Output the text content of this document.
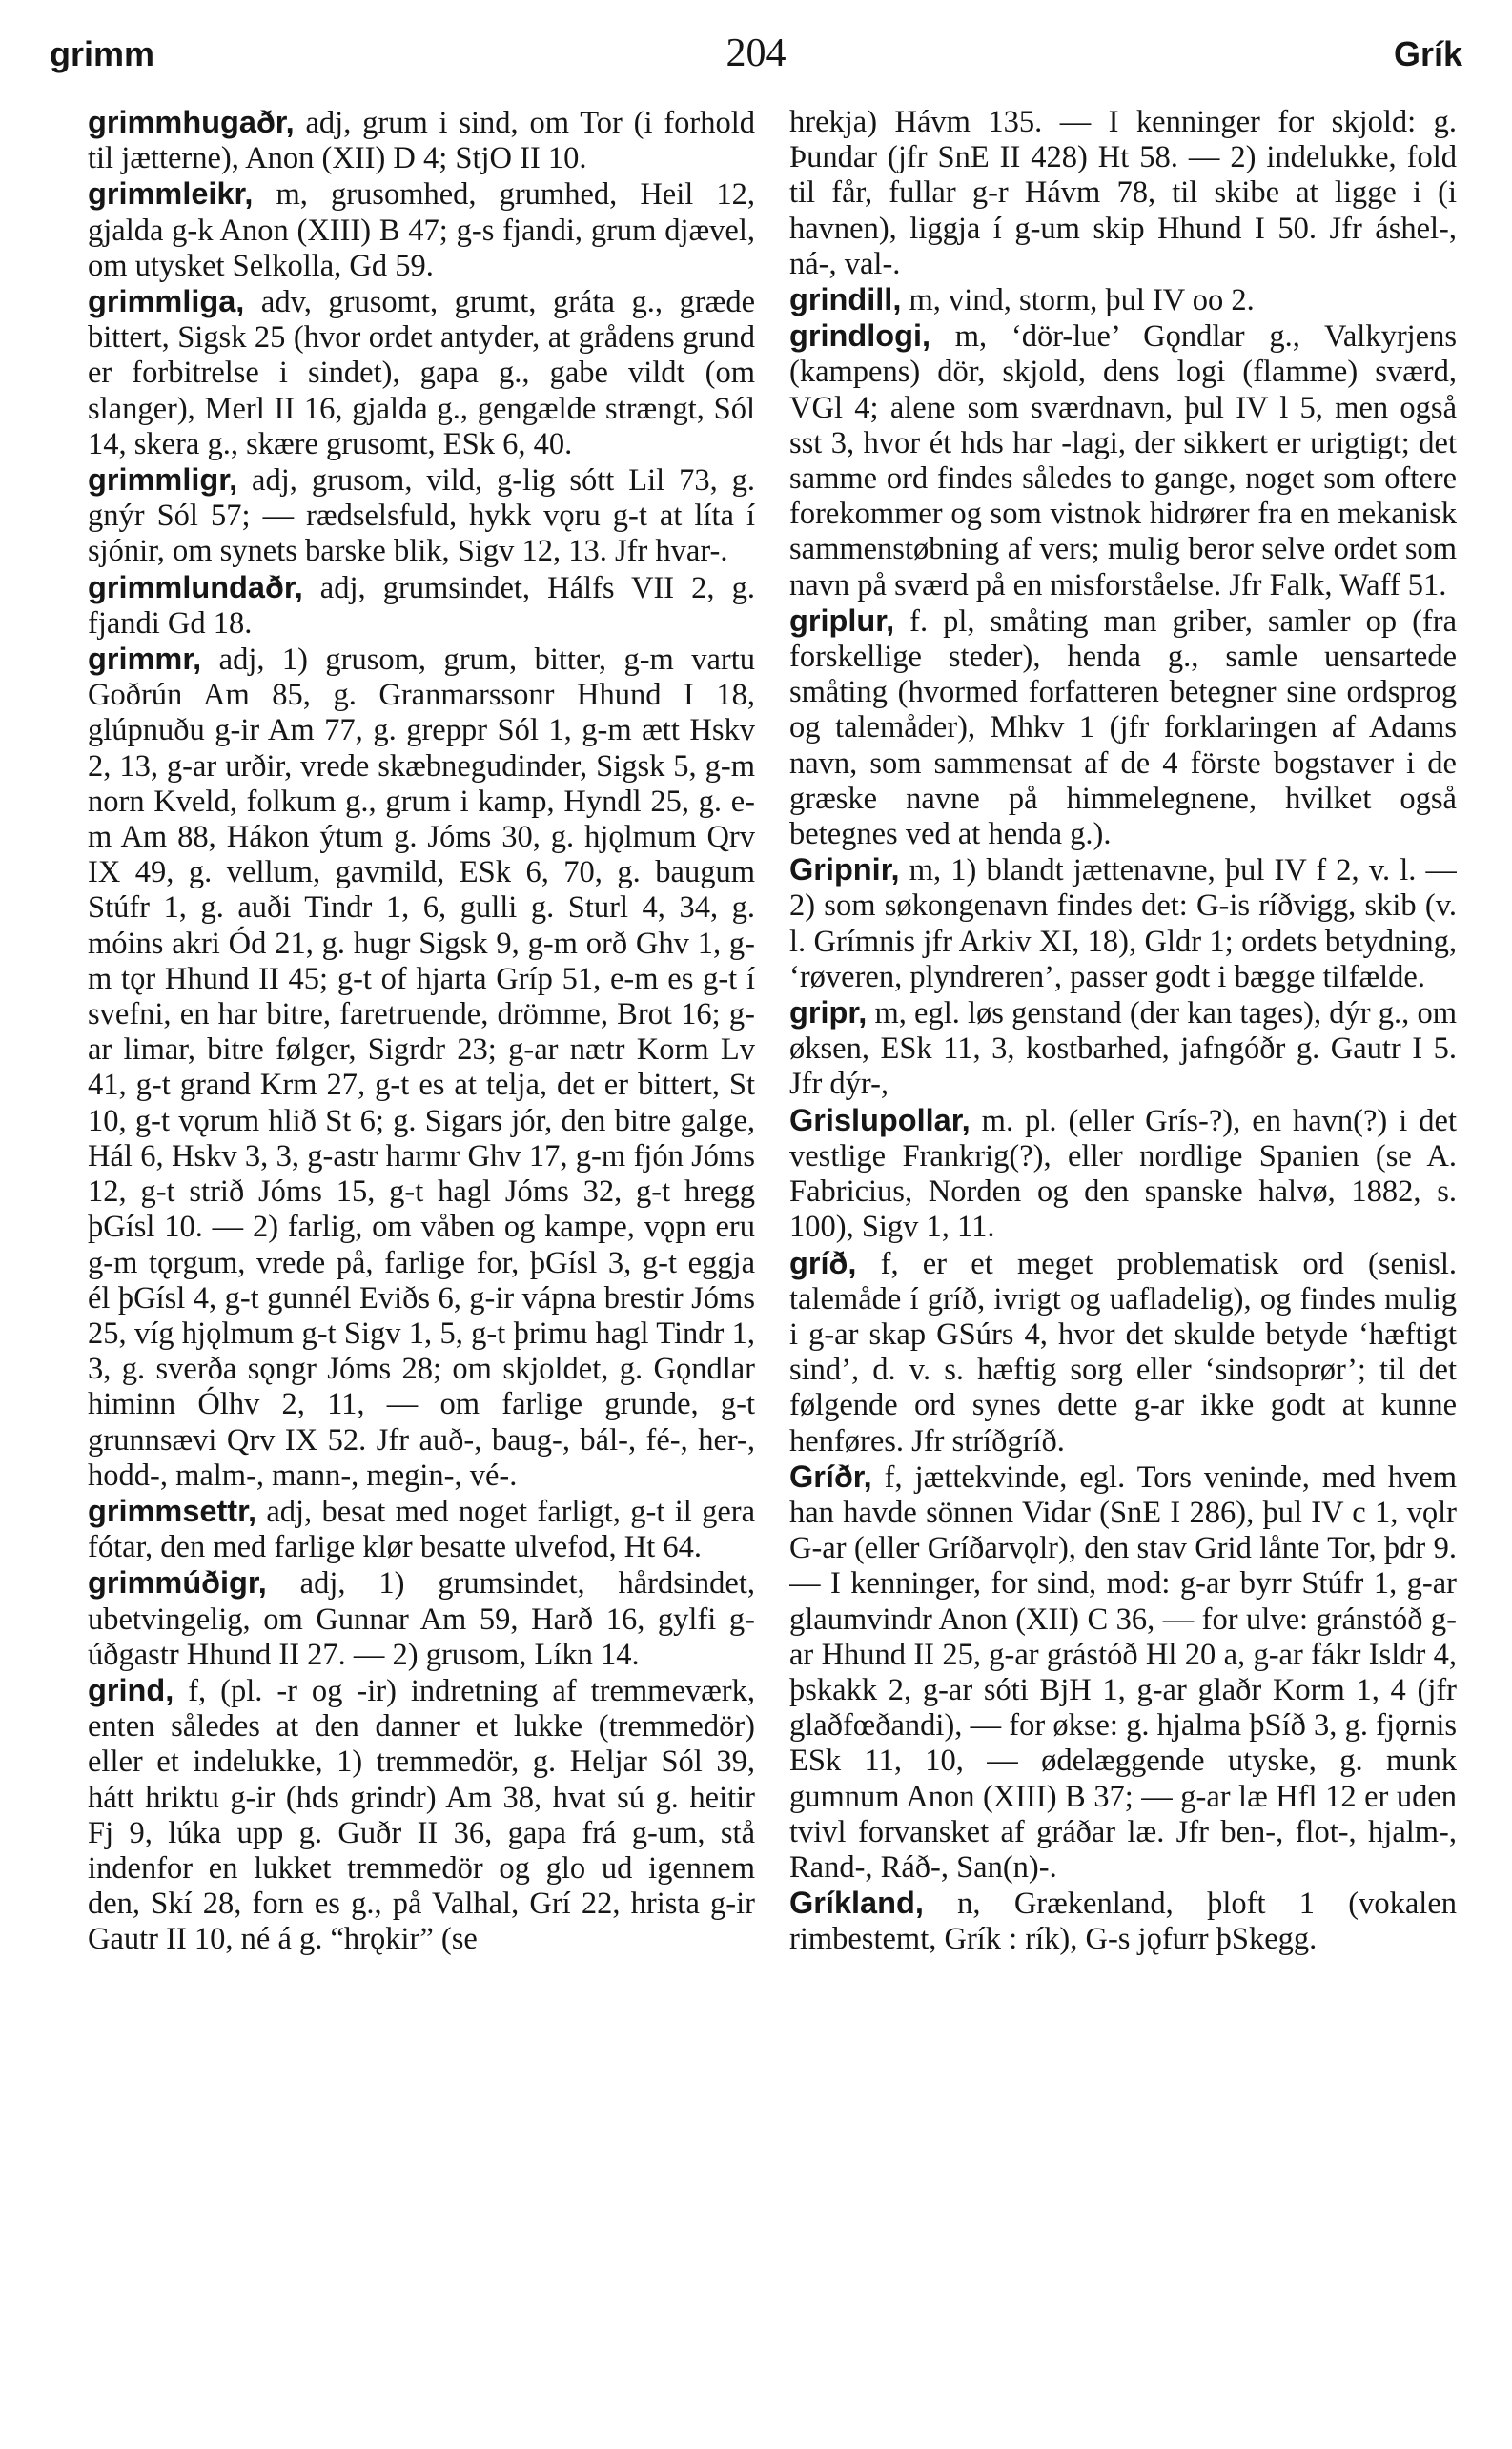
grimm	204	Grík

grimmhugaðr, adj, grum i sind, om Tor (i forhold til jætterne), Anon (XII) D 4; StjO II 10.

grimmleikr, m, grusomhed, grumhed, Heil 12, gjalda g-k Anon (XIII) B 47; g-s fjandi, grum djævel, om utysket Selkolla, Gd 59.

grimmliga, adv, grusomt, grumt, gráta g., græde bittert, Sigsk 25 (hvor ordet antyder, at grådens grund er forbitrelse i sindet), gapa g., gabe vildt (om slanger), Merl II 16, gjalda g., gengælde strængt, Sól 14, skera g., skære grusomt, ESk 6, 40.

grimmligr, adj, grusom, vild, g-lig sótt Lil 73, g. gnýr Sól 57; — rædselsfuld, hykk vǫru g-t at líta í sjónir, om synets barske blik, Sigv 12, 13. Jfr hvar-.

grimmlundaðr, adj, grumsindet, Hálfs VII 2, g. fjandi Gd 18.

grimmr, adj, 1) grusom, grum, bitter, g-m vartu Goðrún Am 85, g. Granmarssonr Hhund I 18, glúpnuðu g-ir Am 77, g. greppr Sól 1, g-m ætt Hskv 2, 13, g-ar urðir, vrede skæbnegudinder, Sigsk 5, g-m norn Kveld, folkum g., grum i kamp, Hyndl 25, g. e-m Am 88, Hákon ýtum g. Jóms 30, g. hjǫlmum Qrv IX 49, g. vellum, gavmild, ESk 6, 70, g. baugum Stúfr 1, g. auði Tindr 1, 6, gulli g. Sturl 4, 34, g. móins akri Ód 21, g. hugr Sigsk 9, g-m orð Ghv 1, g-m tǫr Hhund II 45; g-t of hjarta Gríp 51, e-m es g-t í svefni, en har bitre, faretruende, drömme, Brot 16; g-ar limar, bitre følger, Sigrdr 23; g-ar nætr Korm Lv 41, g-t grand Krm 27, g-t es at telja, det er bittert, St 10, g-t vǫrum hlið St 6; g. Sigars jór, den bitre galge, Hál 6, Hskv 3, 3, g-astr harmr Ghv 17, g-m fjón Jóms 12, g-t strið Jóms 15, g-t hagl Jóms 32, g-t hregg þGísl 10. — 2) farlig, om våben og kampe, vǫpn eru g-m tǫrgum, vrede på, farlige for, þGísl 3, g-t eggja él þGísl 4, g-t gunnél Eviðs 6, g-ir vápna brestir Jóms 25, víg hjǫlmum g-t Sigv 1, 5, g-t þrimu hagl Tindr 1, 3, g. sverða sǫngr Jóms 28; om skjoldet, g. Gǫndlar himinn Ólhv 2, 11, — om farlige grunde, g-t grunnsævi Qrv IX 52. Jfr auð-, baug-, bál-, fé-, her-, hodd-, malm-, mann-, megin-, vé-.

grimmsettr, adj, besat med noget farligt, g-t il gera fótar, den med farlige klør besatte ulvefod, Ht 64.

grimmúðigr, adj, 1) grumsindet, hårdsindet, ubetvingelig, om Gunnar Am 59, Harð 16, gylfi g-úðgastr Hhund II 27. — 2) grusom, Líkn 14.

grind, f, (pl. -r og -ir) indretning af tremmeværk, enten således at den danner et lukke (tremmedör) eller et indelukke, 1) tremmedör, g. Heljar Sól 39, hátt hriktu g-ir (hds grindr) Am 38, hvat sú g. heitir Fj 9, lúka upp g. Guðr II 36, gapa frá g-um, stå indenfor en lukket tremmedör og glo ud igennem den, Skí 28, forn es g., på Valhal, Grí 22, hrista g-ir Gautr II 10, né á g. “hrǫkir” (se

hrekja) Hávm 135. — I kenninger for skjold: g. Þundar (jfr SnE II 428) Ht 58. — 2) indelukke, fold til får, fullar g-r Hávm 78, til skibe at ligge i (i havnen), liggja í g-um skip Hhund I 50. Jfr áshel-, ná-, val-.

grindill, m, vind, storm, þul IV oo 2.

grindlogi, m, ‘dör-lue’ Gǫndlar g., Valkyrjens (kampens) dör, skjold, dens logi (flamme) sværd, VGl 4; alene som sværdnavn, þul IV l 5, men også sst 3, hvor ét hds har -lagi, der sikkert er urigtigt; det samme ord findes således to gange, noget som oftere forekommer og som vistnok hidrører fra en mekanisk sammenstøbning af vers; mulig beror selve ordet som navn på sværd på en misforståelse. Jfr Falk, Waff 51.

griplur, f. pl, småting man griber, samler op (fra forskellige steder), henda g., samle uensartede småting (hvormed forfatteren betegner sine ordsprog og talemåder), Mhkv 1 (jfr forklaringen af Adams navn, som sammensat af de 4 förste bogstaver i de græske navne på himmelegnene, hvilket også betegnes ved at henda g.).

Gripnir, m, 1) blandt jættenavne, þul IV f 2, v. l. — 2) som søkongenavn findes det: G-is ríðvigg, skib (v. l. Grímnis jfr Arkiv XI, 18), Gldr 1; ordets betydning, ‘røveren, plyndreren’, passer godt i bægge tilfælde.

gripr, m, egl. løs genstand (der kan tages), dýr g., om øksen, ESk 11, 3, kostbarhed, jafngóðr g. Gautr I 5. Jfr dýr-,

Grislupollar, m. pl. (eller Grís-?), en havn(?) i det vestlige Frankrig(?), eller nordlige Spanien (se A. Fabricius, Norden og den spanske halvø, 1882, s. 100), Sigv 1, 11.

gríð, f, er et meget problematisk ord (senisl. talemåde í gríð, ivrigt og uafladelig), og findes mulig i g-ar skap GSúrs 4, hvor det skulde betyde ‘hæftigt sind’, d. v. s. hæftig sorg eller ‘sindsoprør’; til det følgende ord synes dette g-ar ikke godt at kunne henføres. Jfr stríðgríð.

Gríðr, f, jættekvinde, egl. Tors veninde, med hvem han havde sönnen Vidar (SnE I 286), þul IV c 1, vǫlr G-ar (eller Gríðarvǫlr), den stav Grid lånte Tor, þdr 9. — I kenninger, for sind, mod: g-ar byrr Stúfr 1, g-ar glaumvindr Anon (XII) C 36, — for ulve: gránstóð g-ar Hhund II 25, g-ar grástóð Hl 20 a, g-ar fákr Isldr 4, þskakk 2, g-ar sóti BjH 1, g-ar glaðr Korm 1, 4 (jfr glaðfœðandi), — for økse: g. hjalma þSíð 3, g. fjǫrnis ESk 11, 10, — ødelæggende utyske, g. munk gumnum Anon (XIII) B 37; — g-ar læ Hfl 12 er uden tvivl forvansket af gráðar læ. Jfr ben-, flot-, hjalm-, Rand-, Ráð-, San(n)-.

Gríkland, n, Grækenland, þloft 1 (vokalen rimbestemt, Grík : rík), G-s jǫfurr þSkegg.
